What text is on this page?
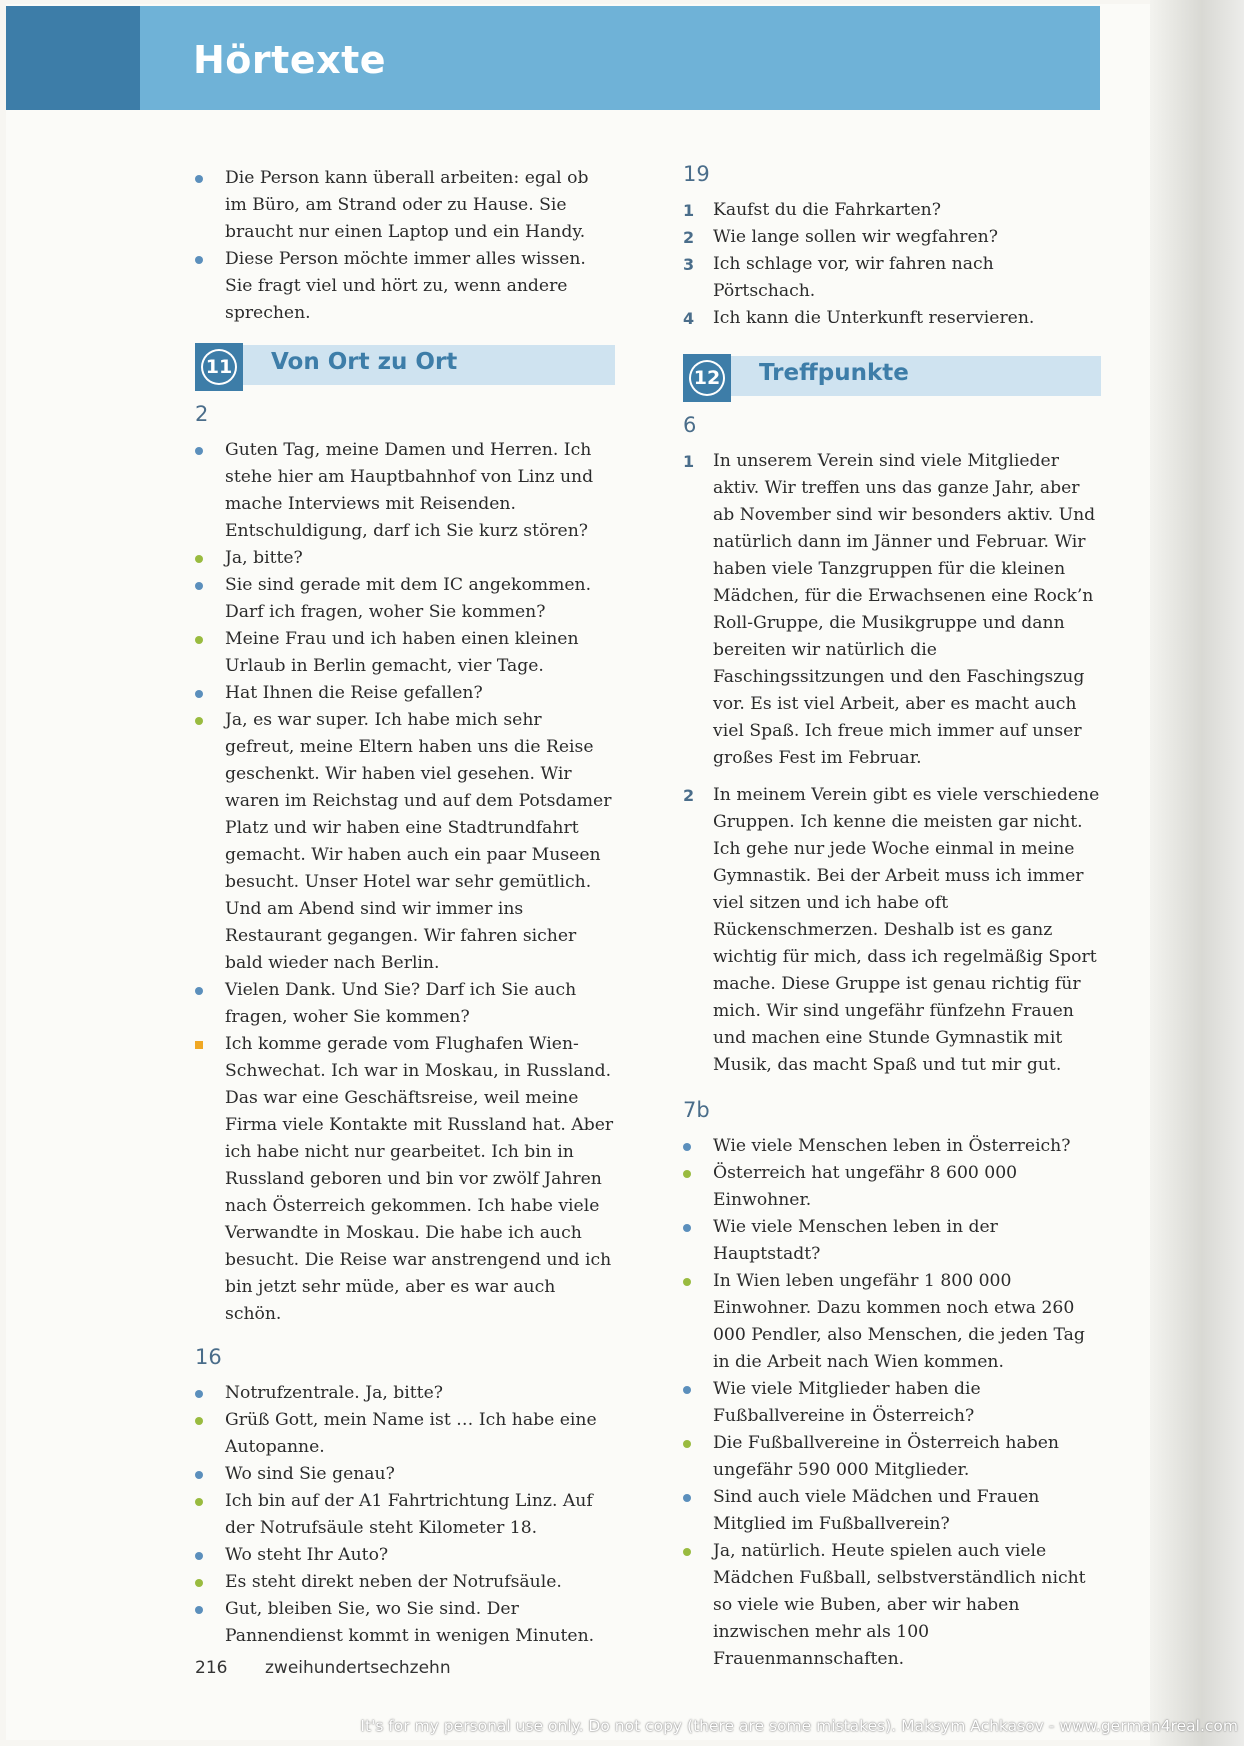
Hörtexte

Die Person kann überall arbeiten: egal ob im Büro, am Strand oder zu Hause. Sie braucht nur einen Laptop und ein Handy.

Diese Person möchte immer alles wissen. Sie fragt viel und hört zu, wenn andere sprechen.

11 Von Ort zu Ort
2

Guten Tag, meine Damen und Herren. Ich stehe hier am Hauptbahnhof von Linz und mache Interviews mit Reisenden. Entschuldigung, darf ich Sie kurz stören?

Ja, bitte?

Sie sind gerade mit dem IC angekommen. Darf ich fragen, woher Sie kommen?

Meine Frau und ich haben einen kleinen Urlaub in Berlin gemacht, vier Tage.

Hat Ihnen die Reise gefallen?

Ja, es war super. Ich habe mich sehr gefreut, meine Eltern haben uns die Reise geschenkt. Wir haben viel gesehen. Wir waren im Reichstag und auf dem Potsdamer Platz und wir haben eine Stadtrundfahrt gemacht. Wir haben auch ein paar Museen besucht. Unser Hotel war sehr gemütlich. Und am Abend sind wir immer ins Restaurant gegangen. Wir fahren sicher bald wieder nach Berlin.

Vielen Dank. Und Sie? Darf ich Sie auch fragen, woher Sie kommen?

Ich komme gerade vom Flughafen Wien-Schwechat. Ich war in Moskau, in Russland. Das war eine Geschäftsreise, weil meine Firma viele Kontakte mit Russland hat. Aber ich habe nicht nur gearbeitet. Ich bin in Russland geboren und bin vor zwölf Jahren nach Österreich gekommen. Ich habe viele Verwandte in Moskau. Die habe ich auch besucht. Die Reise war anstrengend und ich bin jetzt sehr müde, aber es war auch schön.

16

Notrufzentrale. Ja, bitte?

Grüß Gott, mein Name ist … Ich habe eine Autopanne.

Wo sind Sie genau?

Ich bin auf der A1 Fahrtrichtung Linz. Auf der Notrufsäule steht Kilometer 18.

Wo steht Ihr Auto?

Es steht direkt neben der Notrufsäule.

Gut, bleiben Sie, wo Sie sind. Der Pannendienst kommt in wenigen Minuten.

19

1 Kaufst du die Fahrkarten?

2 Wie lange sollen wir wegfahren?

3 Ich schlage vor, wir fahren nach Pörtschach.

4 Ich kann die Unterkunft reservieren.

12 Treffpunkte
6

1 In unserem Verein sind viele Mitglieder aktiv. Wir treffen uns das ganze Jahr, aber ab November sind wir besonders aktiv. Und natürlich dann im Jänner und Februar. Wir haben viele Tanzgruppen für die kleinen Mädchen, für die Erwachsenen eine Rock’n Roll-Gruppe, die Musikgruppe und dann bereiten wir natürlich die Faschingssitzungen und den Faschingszug vor. Es ist viel Arbeit, aber es macht auch viel Spaß. Ich freue mich immer auf unser großes Fest im Februar.

2 In meinem Verein gibt es viele verschiedene Gruppen. Ich kenne die meisten gar nicht. Ich gehe nur jede Woche einmal in meine Gymnastik. Bei der Arbeit muss ich immer viel sitzen und ich habe oft Rückenschmerzen. Deshalb ist es ganz wichtig für mich, dass ich regelmäßig Sport mache. Diese Gruppe ist genau richtig für mich. Wir sind ungefähr fünfzehn Frauen und machen eine Stunde Gymnastik mit Musik, das macht Spaß und tut mir gut.

7b

Wie viele Menschen leben in Österreich?

Österreich hat ungefähr 8 600 000 Einwohner.

Wie viele Menschen leben in der Hauptstadt?

In Wien leben ungefähr 1 800 000 Einwohner. Dazu kommen noch etwa 260 000 Pendler, also Menschen, die jeden Tag in die Arbeit nach Wien kommen.

Wie viele Mitglieder haben die Fußballvereine in Österreich?

Die Fußballvereine in Österreich haben ungefähr 590 000 Mitglieder.

Sind auch viele Mädchen und Frauen Mitglied im Fußballverein?

Ja, natürlich. Heute spielen auch viele Mädchen Fußball, selbstverständlich nicht so viele wie Buben, aber wir haben inzwischen mehr als 100 Frauenmannschaften.

216 zweihundertsechzehn
It's for my personal use only. Do not copy (there are some mistakes). Maksym Achkasov - www.german4real.com
